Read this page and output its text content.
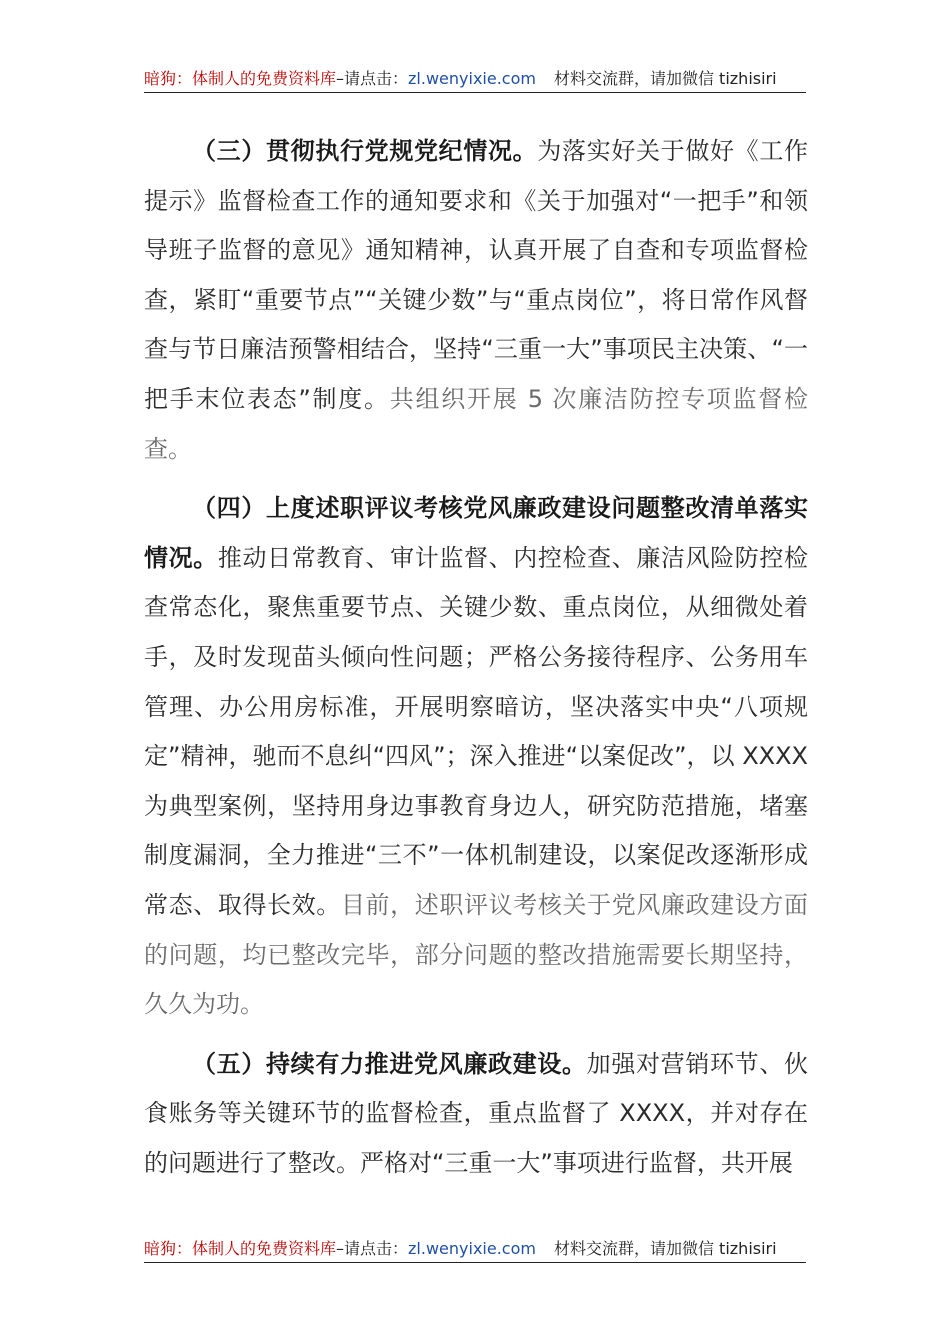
暗狗：体制人的免费资料库–请点击：zl.wenyixie.com 材料交流群，请加微信 tizhisiri

（三）贯彻执行党规党纪情况。为落实好关于做好《工作提示》监督检查工作的通知要求和《关于加强对“一把手”和领导班子监督的意见》通知精神，认真开展了自查和专项监督检查，紧盯“重要节点”“关键少数”与“重点岗位”，将日常作风督查与节日廉洁预警相结合，坚持“三重一大”事项民主决策、“一把手末位表态”制度。共组织开展 5 次廉洁防控专项监督检查。

（四）上度述职评议考核党风廉政建设问题整改清单落实情况。推动日常教育、审计监督、内控检查、廉洁风险防控检查常态化，聚焦重要节点、关键少数、重点岗位，从细微处着手，及时发现苗头倾向性问题；严格公务接待程序、公务用车管理、办公用房标准，开展明察暗访，坚决落实中央“八项规定”精神，驰而不息纠“四风”；深入推进“以案促改”，以 XXXX 为典型案例，坚持用身边事教育身边人，研究防范措施，堵塞制度漏洞，全力推进“三不”一体机制建设，以案促改逐渐形成常态、取得长效。目前，述职评议考核关于党风廉政建设方面的问题，均已整改完毕，部分问题的整改措施需要长期坚持，久久为功。

（五）持续有力推进党风廉政建设。加强对营销环节、伙食账务等关键环节的监督检查，重点监督了 XXXX，并对存在的问题进行了整改。严格对“三重一大”事项进行监督，共开展

暗狗：体制人的免费资料库–请点击：zl.wenyixie.com 材料交流群，请加微信 tizhisiri
